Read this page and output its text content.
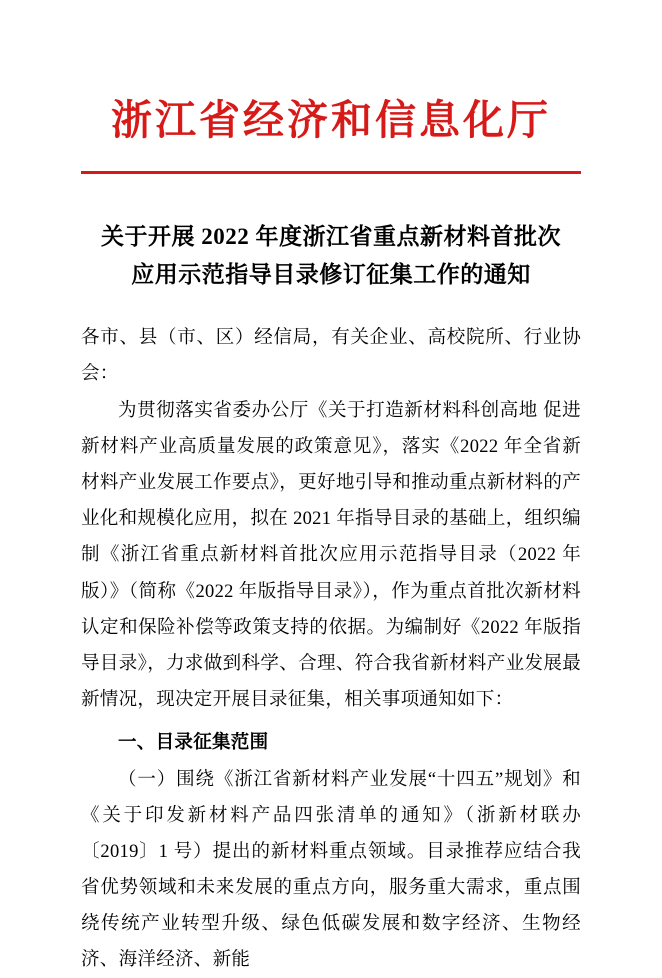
浙江省经济和信息化厅
关于开展 2022 年度浙江省重点新材料首批次
应用示范指导目录修订征集工作的通知

各市、县（市、区）经信局，有关企业、高校院所、行业协会：

为贯彻落实省委办公厅《关于打造新材料科创高地 促进新材料产业高质量发展的政策意见》，落实《2022 年全省新材料产业发展工作要点》，更好地引导和推动重点新材料的产业化和规模化应用，拟在 2021 年指导目录的基础上，组织编制《浙江省重点新材料首批次应用示范指导目录（2022 年版）》（简称《2022 年版指导目录》），作为重点首批次新材料认定和保险补偿等政策支持的依据。为编制好《2022 年版指导目录》，力求做到科学、合理、符合我省新材料产业发展最新情况，现决定开展目录征集，相关事项通知如下：

一、目录征集范围

（一）围绕《浙江省新材料产业发展“十四五”规划》和《关于印发新材料产品四张清单的通知》（浙新材联办〔2019〕1 号）提出的新材料重点领域。目录推荐应结合我省优势领域和未来发展的重点方向，服务重大需求，重点围绕传统产业转型升级、绿色低碳发展和数字经济、生物经济、海洋经济、新能
